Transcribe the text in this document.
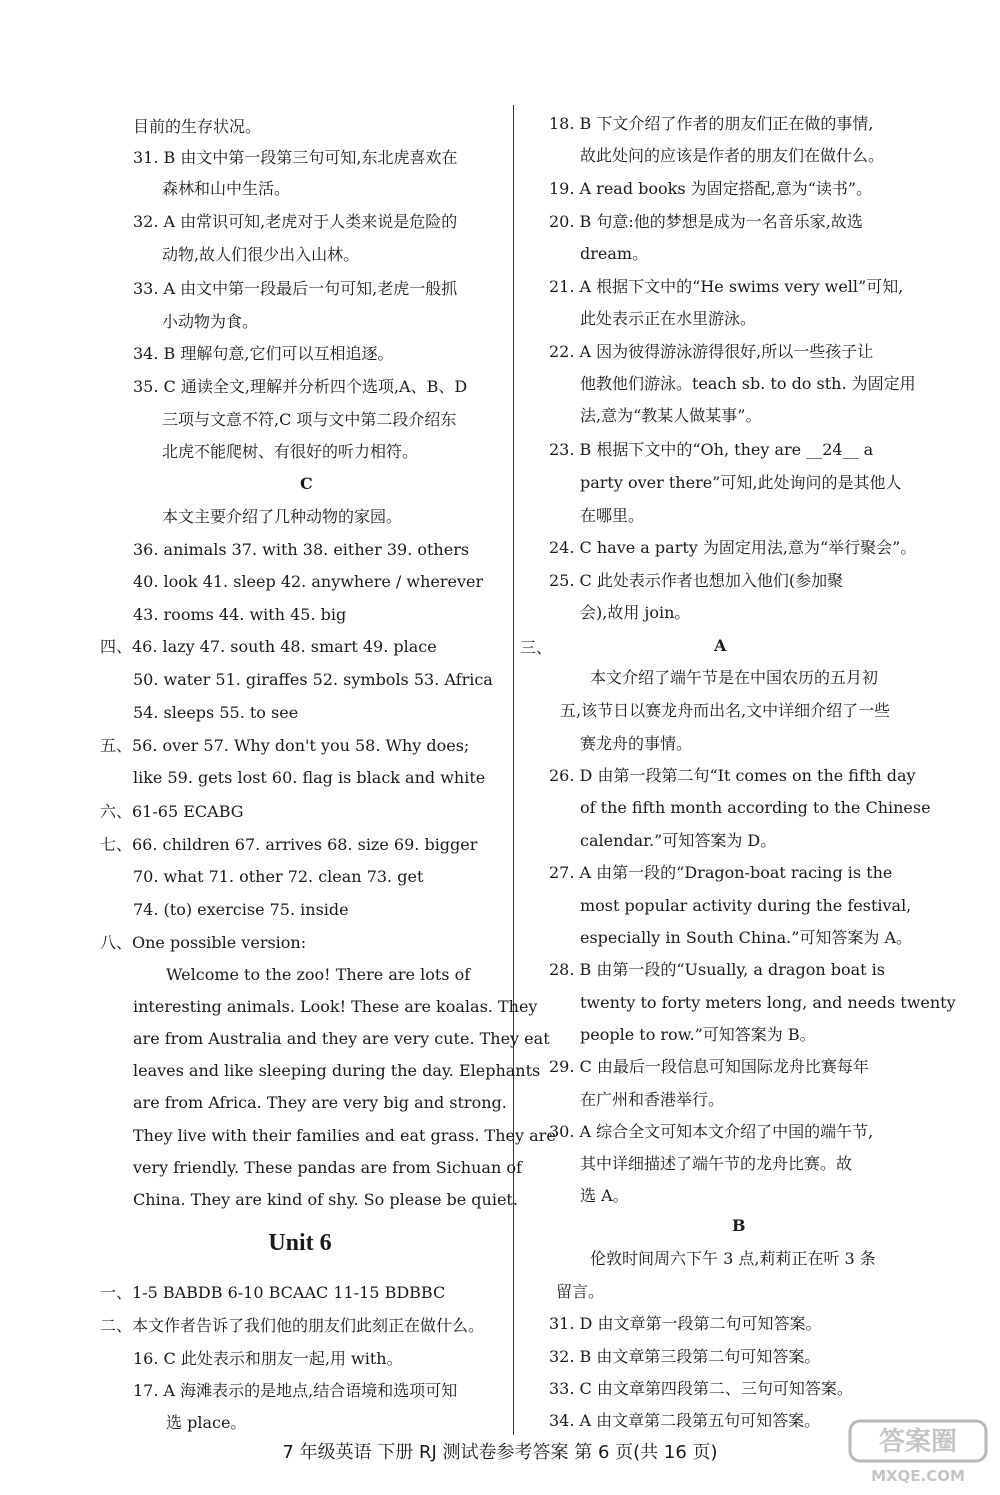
目前的生存状况。
31. B 由文中第一段第三句可知,东北虎喜欢在
森林和山中生活。
32. A 由常识可知,老虎对于人类来说是危险的
动物,故人们很少出入山林。
33. A 由文中第一段最后一句可知,老虎一般抓
小动物为食。
34. B 理解句意,它们可以互相追逐。
35. C 通读全文,理解并分析四个选项,A、B、D
三项与文意不符,C 项与文中第二段介绍东
北虎不能爬树、有很好的听力相符。
C
本文主要介绍了几种动物的家园。
36. animals 37. with 38. either 39. others
40. look 41. sleep 42. anywhere / wherever
43. rooms 44. with 45. big
四、46. lazy 47. south 48. smart 49. place
50. water 51. giraffes 52. symbols 53. Africa
54. sleeps 55. to see
五、56. over 57. Why don't you 58. Why does;
like 59. gets lost 60. flag is black and white
六、61-65 ECABG
七、66. children 67. arrives 68. size 69. bigger
70. what 71. other 72. clean 73. get
74. (to) exercise 75. inside
八、One possible version:
Welcome to the zoo! There are lots of
interesting animals. Look! These are koalas. They
are from Australia and they are very cute. They eat
leaves and like sleeping during the day. Elephants
are from Africa. They are very big and strong.
They live with their families and eat grass. They are
very friendly. These pandas are from Sichuan of
China. They are kind of shy. So please be quiet.
Unit 6
一、1-5 BABDB 6-10 BCAAC 11-15 BDBBC
二、本文作者告诉了我们他的朋友们此刻正在做什么。
16. C 此处表示和朋友一起,用 with。
17. A 海滩表示的是地点,结合语境和选项可知
选 place。
18. B 下文介绍了作者的朋友们正在做的事情,
故此处问的应该是作者的朋友们在做什么。
19. A read books 为固定搭配,意为“读书”。
20. B 句意:他的梦想是成为一名音乐家,故选
dream。
21. A 根据下文中的“He swims very well”可知,
此处表示正在水里游泳。
22. A 因为彼得游泳游得很好,所以一些孩子让
他教他们游泳。teach sb. to do sth. 为固定用
法,意为“教某人做某事”。
23. B 根据下文中的“Oh, they are __24__ a
party over there”可知,此处询问的是其他人
在哪里。
24. C have a party 为固定用法,意为“举行聚会”。
25. C 此处表示作者也想加入他们(参加聚
会),故用 join。
三、	A
本文介绍了端午节是在中国农历的五月初
五,该节日以赛龙舟而出名,文中详细介绍了一些
赛龙舟的事情。
26. D 由第一段第二句“It comes on the fifth day
of the fifth month according to the Chinese
calendar.”可知答案为 D。
27. A 由第一段的“Dragon-boat racing is the
most popular activity during the festival,
especially in South China.”可知答案为 A。
28. B 由第一段的“Usually, a dragon boat is
twenty to forty meters long, and needs twenty
people to row.”可知答案为 B。
29. C 由最后一段信息可知国际龙舟比赛每年
在广州和香港举行。
30. A 综合全文可知本文介绍了中国的端午节,
其中详细描述了端午节的龙舟比赛。故
选 A。
B
伦敦时间周六下午 3 点,莉莉正在听 3 条
留言。
31. D 由文章第一段第二句可知答案。
32. B 由文章第三段第二句可知答案。
33. C 由文章第四段第二、三句可知答案。
34. A 由文章第二段第五句可知答案。
7 年级英语 下册 RJ 测试卷参考答案 第 6 页(共 16 页)	答案圈
MXQE.COM
